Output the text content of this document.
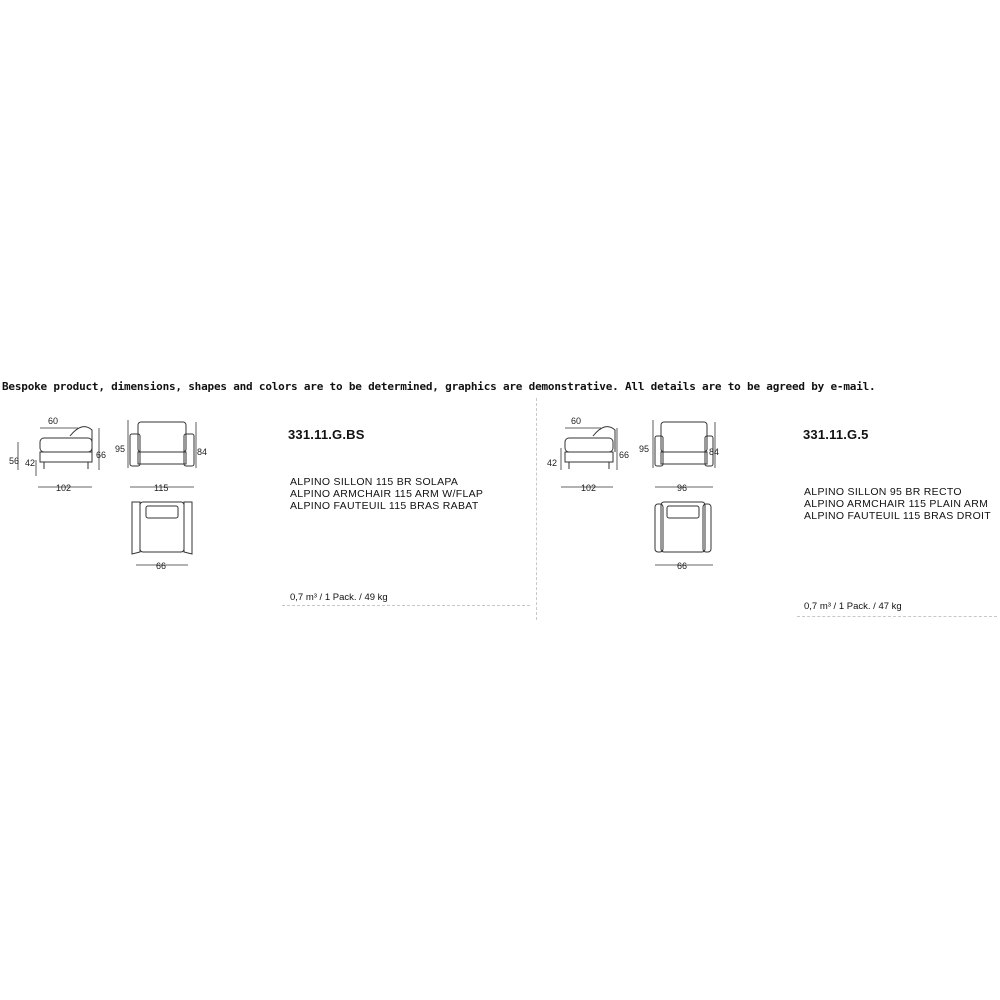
Bespoke product, dimensions, shapes and colors are to be determined, graphics are demonstrative. All details are to be agreed by e-mail.
60
56 42
66
102
95	84
115
66
331.11.G.BS
ALPINO SILLON 115 BR SOLAPA
ALPINO ARMCHAIR 115 ARM W/FLAP
ALPINO FAUTEUIL 115 BRAS RABAT
0,7 m³ / 1 Pack. / 49 kg
60
42
66
102
95	84
96
66
331.11.G.5
ALPINO SILLON 95 BR RECTO
ALPINO ARMCHAIR 115 PLAIN ARM
ALPINO FAUTEUIL 115 BRAS DROIT
0,7 m³ / 1 Pack. / 47 kg
